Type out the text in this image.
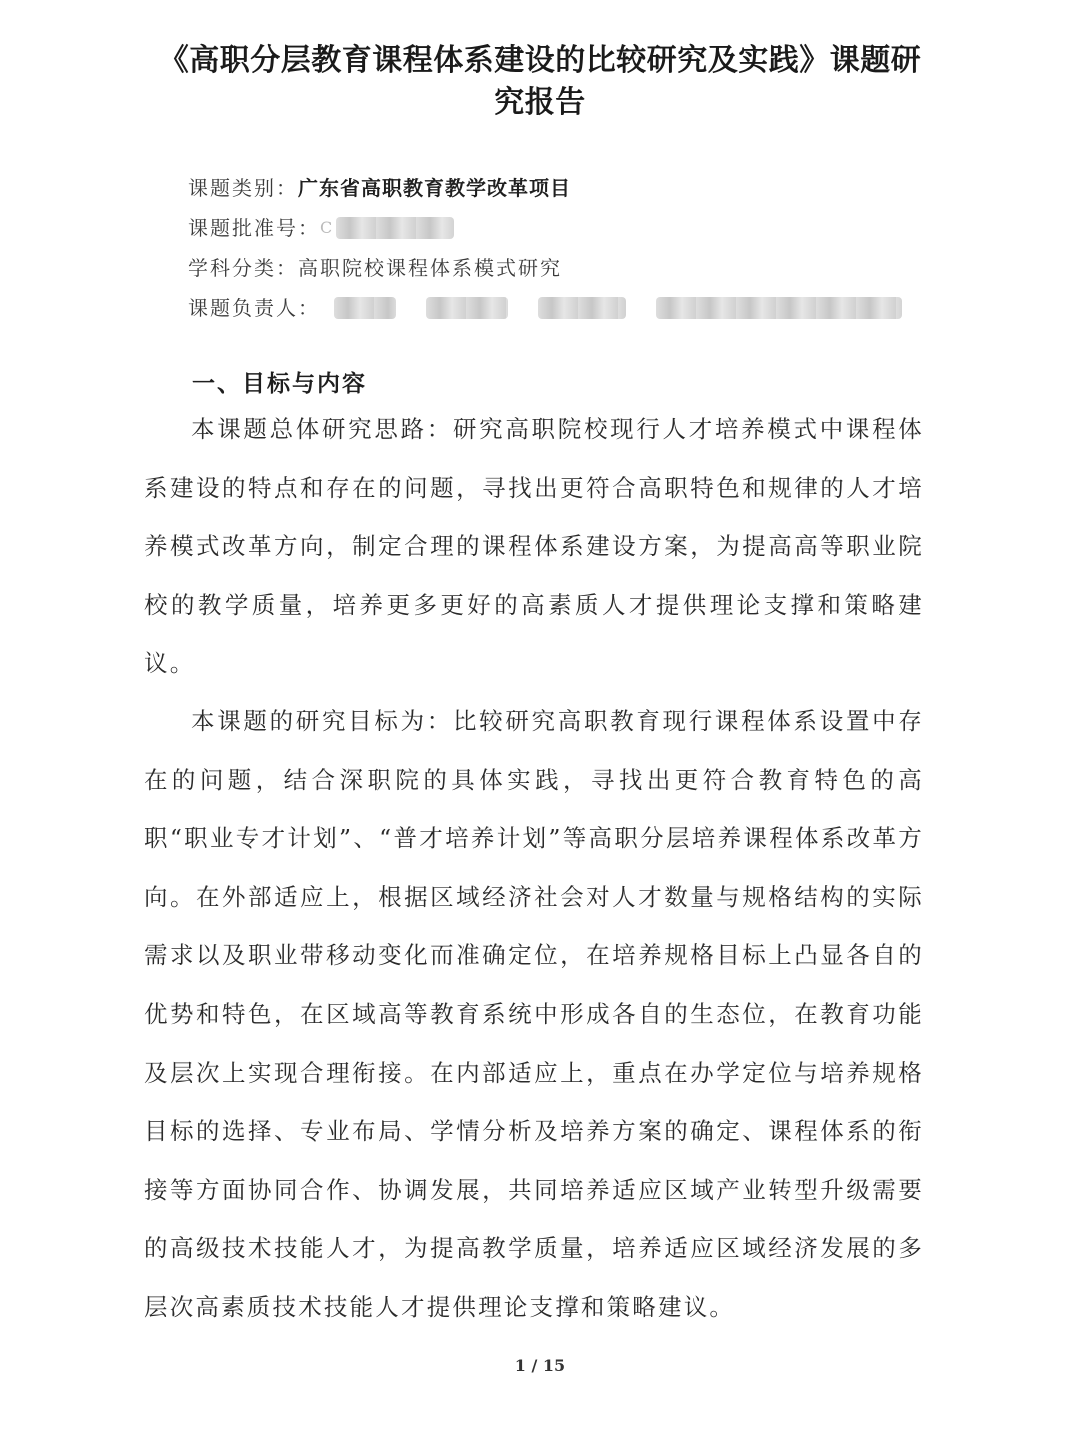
《高职分层教育课程体系建设的比较研究及实践》课题研究报告
课题类别： 广东省高职教育教学改革项目
课题批准号： C
学科分类： 高职院校课程体系模式研究
课题负责人：
一、目标与内容

本课题总体研究思路：研究高职院校现行人才培养模式中课程体系建设的特点和存在的问题，寻找出更符合高职特色和规律的人才培养模式改革方向，制定合理的课程体系建设方案，为提高高等职业院校的教学质量，培养更多更好的高素质人才提供理论支撑和策略建议。

本课题的研究目标为：比较研究高职教育现行课程体系设置中存在的问题，结合深职院的具体实践，寻找出更符合教育特色的高职“职业专才计划”、“普才培养计划”等高职分层培养课程体系改革方向。在外部适应上，根据区域经济社会对人才数量与规格结构的实际需求以及职业带移动变化而准确定位，在培养规格目标上凸显各自的优势和特色，在区域高等教育系统中形成各自的生态位，在教育功能及层次上实现合理衔接。在内部适应上，重点在办学定位与培养规格目标的选择、专业布局、学情分析及培养方案的确定、课程体系的衔接等方面协同合作、协调发展，共同培养适应区域产业转型升级需要的高级技术技能人才，为提高教学质量，培养适应区域经济发展的多层次高素质技术技能人才提供理论支撑和策略建议。

1 / 15
